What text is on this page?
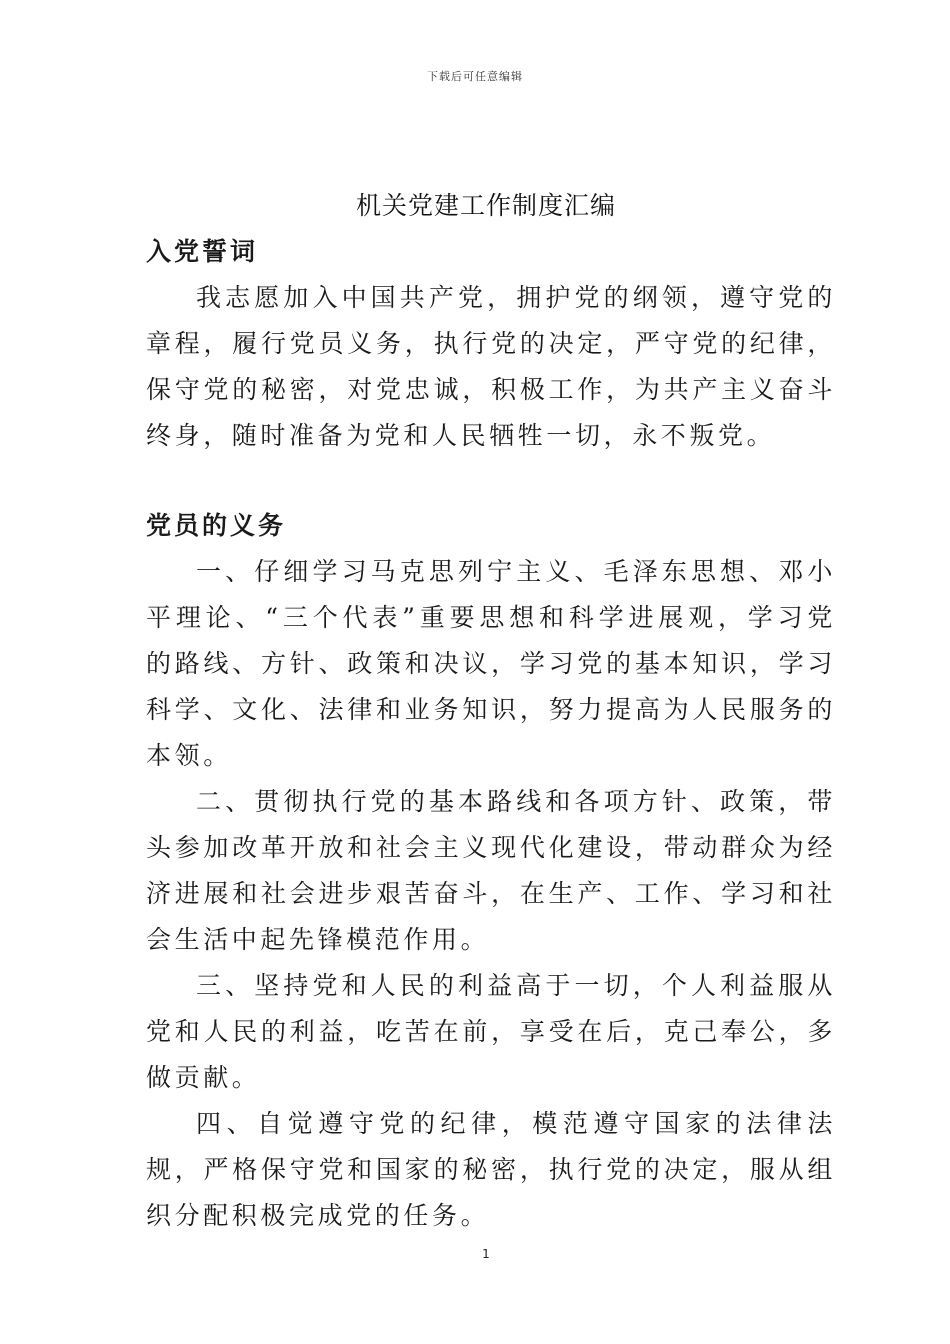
下载后可任意编辑
机关党建工作制度汇编

入党誓词

我志愿加入中国共产党，拥护党的纲领，遵守党的章程，履行党员义务，执行党的决定，严守党的纪律，保守党的秘密，对党忠诚，积极工作，为共产主义奋斗终身，随时准备为党和人民牺牲一切，永不叛党。

党员的义务

一、仔细学习马克思列宁主义、毛泽东思想、邓小平理论、“三个代表”重要思想和科学进展观，学习党的路线、方针、政策和决议，学习党的基本知识，学习科学、文化、法律和业务知识，努力提高为人民服务的本领。

二、贯彻执行党的基本路线和各项方针、政策，带头参加改革开放和社会主义现代化建设，带动群众为经济进展和社会进步艰苦奋斗，在生产、工作、学习和社会生活中起先锋模范作用。

三、坚持党和人民的利益高于一切，个人利益服从党和人民的利益，吃苦在前，享受在后，克己奉公，多做贡献。

四、自觉遵守党的纪律，模范遵守国家的法律法规，严格保守党和国家的秘密，执行党的决定，服从组织分配积极完成党的任务。

1
